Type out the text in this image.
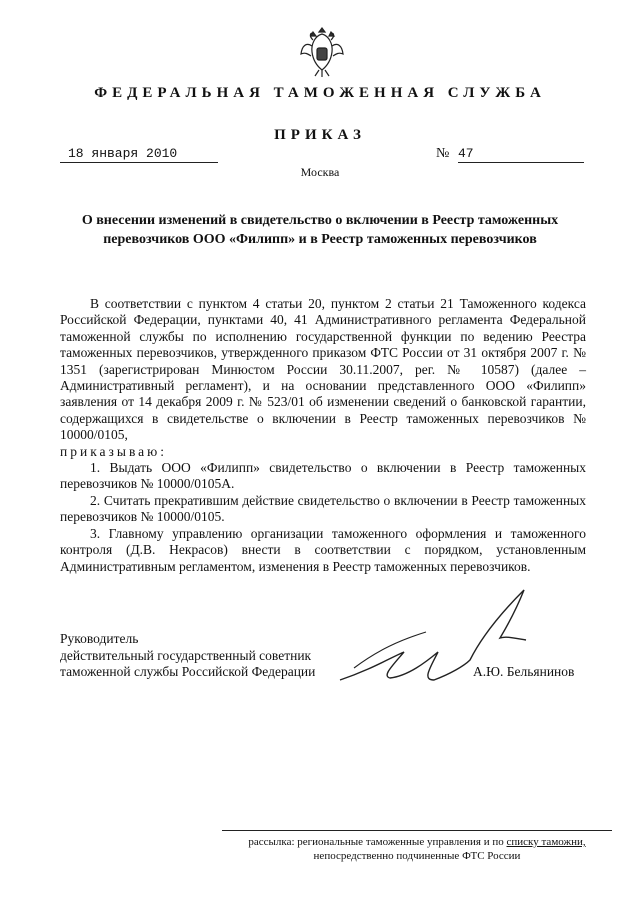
ФЕДЕРАЛЬНАЯ ТАМОЖЕННАЯ СЛУЖБА
ПРИКАЗ
18 января 2010	№ 47
Москва
О внесении изменений в свидетельство о включении в Реестр таможенных перевозчиков ООО «Филипп» и в Реестр таможенных перевозчиков

В соответствии с пунктом 4 статьи 20, пунктом 2 статьи 21 Таможенного кодекса Российской Федерации, пунктами 40, 41 Административного регламента Федеральной таможенной службы по исполнению государственной функции по ведению Реестра таможенных перевозчиков, утвержденного приказом ФТС России от 31 октября 2007 г. № 1351 (зарегистрирован Минюстом России 30.11.2007, рег. № 10587) (далее – Административный регламент), и на основании представленного ООО «Филипп» заявления от 14 декабря 2009 г. № 523/01 об изменении сведений о банковской гарантии, содержащихся в свидетельстве о включении в Реестр таможенных перевозчиков № 10000/0105,

приказываю:

1. Выдать ООО «Филипп» свидетельство о включении в Реестр таможенных перевозчиков № 10000/0105А.

2. Считать прекратившим действие свидетельство о включении в Реестр таможенных перевозчиков № 10000/0105.

3. Главному управлению организации таможенного оформления и таможенного контроля (Д.В. Некрасов) внести в соответствии с порядком, установленным Административным регламентом, изменения в Реестр таможенных перевозчиков.

Руководитель
действительный государственный советник
таможенной службы Российской Федерации	А.Ю. Бельянинов
рассылка: региональные таможенные управления и по списку таможни,
непосредственно подчиненные ФТС России
